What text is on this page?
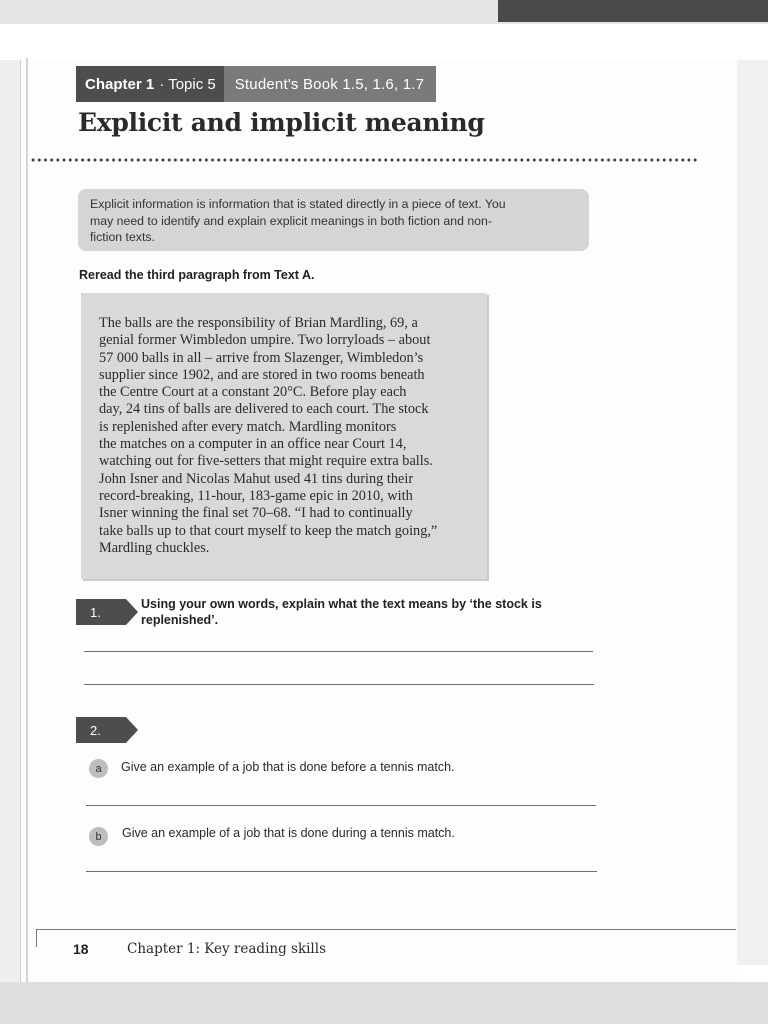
Chapter 1 · Topic 5	Student's Book 1.5, 1.6, 1.7
Explicit and implicit meaning
Explicit information is information that is stated directly in a piece of text. You
may need to identify and explain explicit meanings in both fiction and non-
fiction texts.
Reread the third paragraph from Text A.
The balls are the responsibility of Brian Mardling, 69, a
genial former Wimbledon umpire. Two lorryloads – about
57 000 balls in all – arrive from Slazenger, Wimbledon’s
supplier since 1902, and are stored in two rooms beneath
the Centre Court at a constant 20°C. Before play each
day, 24 tins of balls are delivered to each court. The stock
is replenished after every match. Mardling monitors
the matches on a computer in an office near Court 14,
watching out for five-setters that might require extra balls.
John Isner and Nicolas Mahut used 41 tins during their
record-breaking, 11-hour, 183-game epic in 2010, with
Isner winning the final set 70–68. “I had to continually
take balls up to that court myself to keep the match going,”
Mardling chuckles.
1.
Using your own words, explain what the text means by ‘the stock is
replenished’.
2.
a	Give an example of a job that is done before a tennis match.
b	Give an example of a job that is done during a tennis match.
18	Chapter 1: Key reading skills
